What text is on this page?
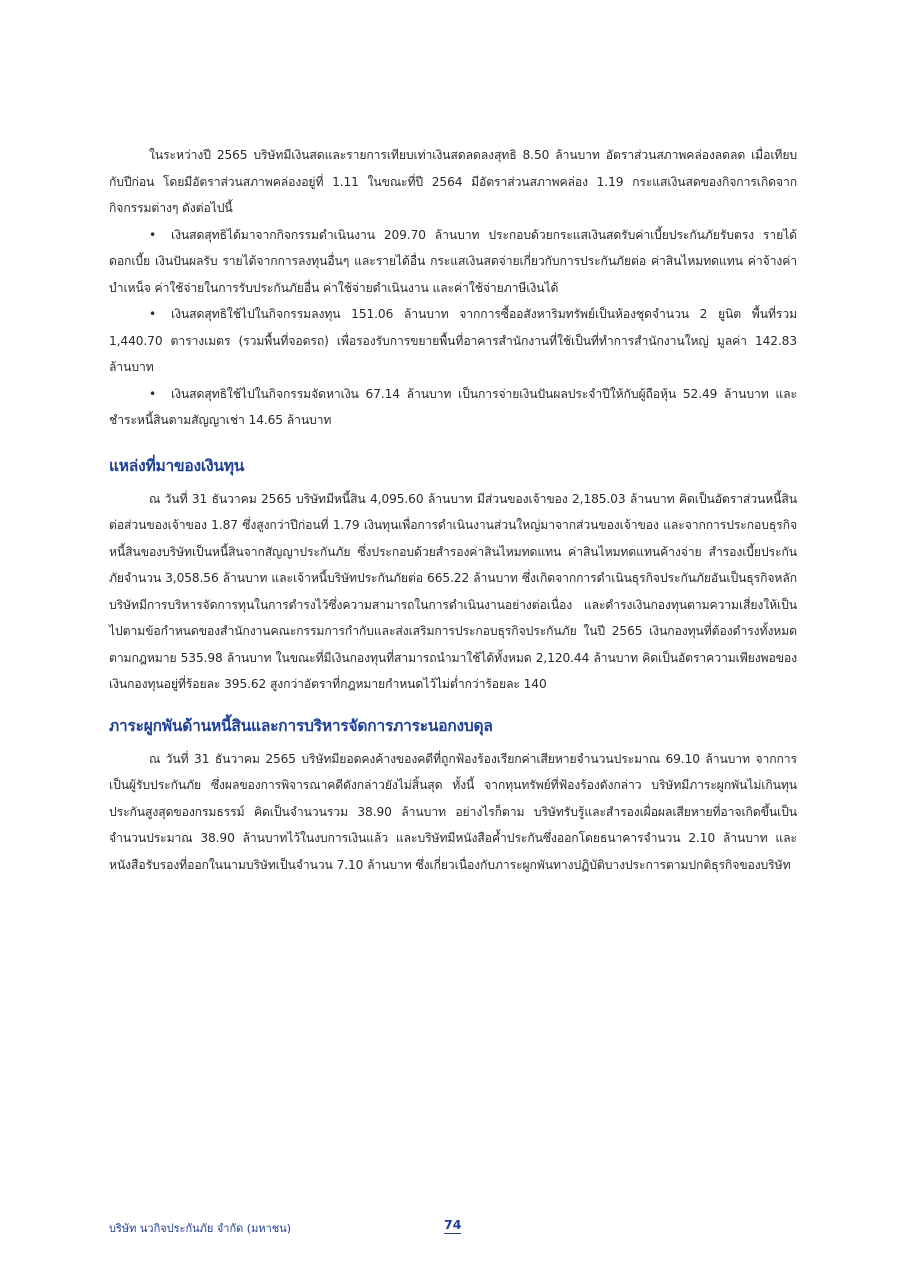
ในระหว่างปี 2565 บริษัทมีเงินสดและรายการเทียบเท่าเงินสดลดลงสุทธิ 8.50 ล้านบาท อัตราส่วนสภาพคล่องลดลด เมื่อเทียบกับปีก่อน โดยมีอัตราส่วนสภาพคล่องอยู่ที่ 1.11 ในขณะที่ปี 2564 มีอัตราส่วนสภาพคล่อง 1.19 กระแสเงินสดของกิจการเกิดจากกิจกรรมต่างๆ ดังต่อไปนี้

• เงินสดสุทธิได้มาจากกิจกรรมดำเนินงาน 209.70 ล้านบาท ประกอบด้วยกระแสเงินสดรับค่าเบี้ยประกันภัยรับตรง รายได้ดอกเบี้ย เงินปันผลรับ รายได้จากการลงทุนอื่นๆ และรายได้อื่น กระแสเงินสดจ่ายเกี่ยวกับการประกันภัยต่อ ค่าสินไหมทดแทน ค่าจ้างค่าบำเหน็จ ค่าใช้จ่ายในการรับประกันภัยอื่น ค่าใช้จ่ายดำเนินงาน และค่าใช้จ่ายภาษีเงินได้

• เงินสดสุทธิใช้ไปในกิจกรรมลงทุน 151.06 ล้านบาท จากการซื้ออสังหาริมทรัพย์เป็นห้องชุดจำนวน 2 ยูนิต พื้นที่รวม 1,440.70 ตารางเมตร (รวมพื้นที่จอดรถ) เพื่อรองรับการขยายพื้นที่อาคารสำนักงานที่ใช้เป็นที่ทำการสำนักงานใหญ่ มูลค่า 142.83 ล้านบาท

• เงินสดสุทธิใช้ไปในกิจกรรมจัดหาเงิน 67.14 ล้านบาท เป็นการจ่ายเงินปันผลประจำปีให้กับผู้ถือหุ้น 52.49 ล้านบาท และชำระหนี้สินตามสัญญาเช่า 14.65 ล้านบาท

แหล่งที่มาของเงินทุน

ณ วันที่ 31 ธันวาคม 2565 บริษัทมีหนี้สิน 4,095.60 ล้านบาท มีส่วนของเจ้าของ 2,185.03 ล้านบาท คิดเป็นอัตราส่วนหนี้สินต่อส่วนของเจ้าของ 1.87 ซึ่งสูงกว่าปีก่อนที่ 1.79 เงินทุนเพื่อการดำเนินงานส่วนใหญ่มาจากส่วนของเจ้าของ และจากการประกอบธุรกิจ หนี้สินของบริษัทเป็นหนี้สินจากสัญญาประกันภัย ซึ่งประกอบด้วยสำรองค่าสินไหมทดแทน ค่าสินไหมทดแทนค้างจ่าย สำรองเบี้ยประกันภัยจำนวน 3,058.56 ล้านบาท และเจ้าหนี้บริษัทประกันภัยต่อ 665.22 ล้านบาท ซึ่งเกิดจากการดำเนินธุรกิจประกันภัยอันเป็นธุรกิจหลัก บริษัทมีการบริหารจัดการทุนในการดำรงไว้ซึ่งความสามารถในการดำเนินงานอย่างต่อเนื่อง และดำรงเงินกองทุนตามความเสี่ยงให้เป็นไปตามข้อกำหนดของสำนักงานคณะกรรมการกำกับและส่งเสริมการประกอบธุรกิจประกันภัย ในปี 2565 เงินกองทุนที่ต้องดำรงทั้งหมดตามกฎหมาย 535.98 ล้านบาท ในขณะที่มีเงินกองทุนที่สามารถนำมาใช้ได้ทั้งหมด 2,120.44 ล้านบาท คิดเป็นอัตราความเพียงพอของเงินกองทุนอยู่ที่ร้อยละ 395.62 สูงกว่าอัตราที่กฎหมายกำหนดไว้ไม่ต่ำกว่าร้อยละ 140

ภาระผูกพันด้านหนี้สินและการบริหารจัดการภาระนอกงบดุล

ณ วันที่ 31 ธันวาคม 2565 บริษัทมียอดคงค้างของคดีที่ถูกฟ้องร้องเรียกค่าเสียหายจำนวนประมาณ 69.10 ล้านบาท จากการเป็นผู้รับประกันภัย ซึ่งผลของการพิจารณาคดีดังกล่าวยังไม่สิ้นสุด ทั้งนี้ จากทุนทรัพย์ที่ฟ้องร้องดังกล่าว บริษัทมีภาระผูกพันไม่เกินทุนประกันสูงสุดของกรมธรรม์ คิดเป็นจำนวนรวม 38.90 ล้านบาท อย่างไรก็ตาม บริษัทรับรู้และสำรองเผื่อผลเสียหายที่อาจเกิดขึ้นเป็นจำนวนประมาณ 38.90 ล้านบาทไว้ในงบการเงินแล้ว และบริษัทมีหนังสือค้ำประกันซึ่งออกโดยธนาคารจำนวน 2.10 ล้านบาท และหนังสือรับรองที่ออกในนามบริษัทเป็นจำนวน 7.10 ล้านบาท ซึ่งเกี่ยวเนื่องกับภาระผูกพันทางปฏิบัติบางประการตามปกติธุรกิจของบริษัท

บริษัท นวกิจประกันภัย จำกัด (มหาชน)	74
